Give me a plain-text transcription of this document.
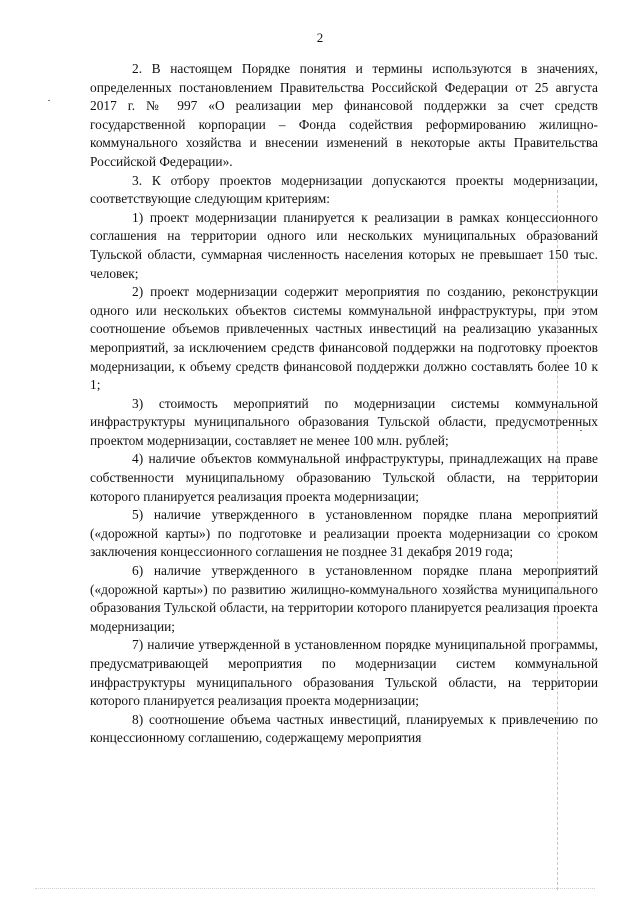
2

2. В настоящем Порядке понятия и термины используются в значениях, определенных постановлением Правительства Российской Федерации от 25 августа 2017 г. № 997 «О реализации мер финансовой поддержки за счет средств государственной корпорации – Фонда содействия реформированию жилищно-коммунального хозяйства и внесении изменений в некоторые акты Правительства Российской Федерации».

3. К отбору проектов модернизации допускаются проекты модернизации, соответствующие следующим критериям:

1) проект модернизации планируется к реализации в рамках концессионного соглашения на территории одного или нескольких муниципальных образований Тульской области, суммарная численность населения которых не превышает 150 тыс. человек;

2) проект модернизации содержит мероприятия по созданию, реконструкции одного или нескольких объектов системы коммунальной инфраструктуры, при этом соотношение объемов привлеченных частных инвестиций на реализацию указанных мероприятий, за исключением средств финансовой поддержки на подготовку проектов модернизации, к объему средств финансовой поддержки должно составлять более 10 к 1;

3) стоимость мероприятий по модернизации системы коммунальной инфраструктуры муниципального образования Тульской области, предусмотренных проектом модернизации, составляет не менее 100 млн. рублей;

4) наличие объектов коммунальной инфраструктуры, принадлежащих на праве собственности муниципальному образованию Тульской области, на территории которого планируется реализация проекта модернизации;

5) наличие утвержденного в установленном порядке плана мероприятий («дорожной карты») по подготовке и реализации проекта модернизации со сроком заключения концессионного соглашения не позднее 31 декабря 2019 года;

6) наличие утвержденного в установленном порядке плана мероприятий («дорожной карты») по развитию жилищно-коммунального хозяйства муниципального образования Тульской области, на территории которого планируется реализация проекта модернизации;

7) наличие утвержденной в установленном порядке муниципальной программы, предусматривающей мероприятия по модернизации систем коммунальной инфраструктуры муниципального образования Тульской области, на территории которого планируется реализация проекта модернизации;

8) соотношение объема частных инвестиций, планируемых к привлечению по концессионному соглашению, содержащему мероприятия
